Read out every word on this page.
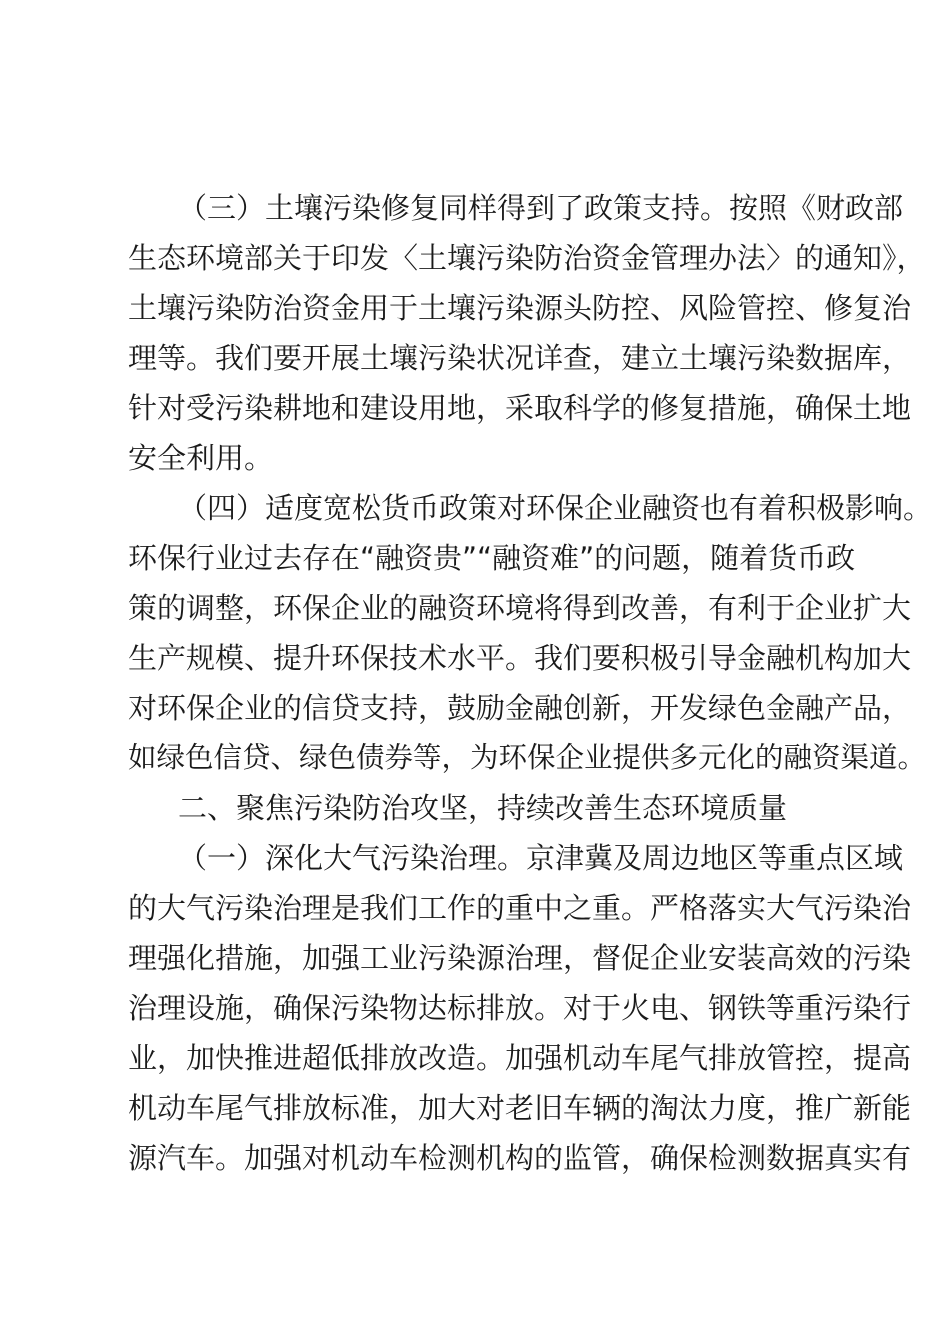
（三）土壤污染修复同样得到了政策支持。按照《财政部
生态环境部关于印发〈土壤污染防治资金管理办法〉的通知》，
土壤污染防治资金用于土壤污染源头防控、风险管控、修复治
理等。我们要开展土壤污染状况详查，建立土壤污染数据库，
针对受污染耕地和建设用地，采取科学的修复措施，确保土地
安全利用。
（四）适度宽松货币政策对环保企业融资也有着积极影响。
环保行业过去存在“融资贵”“融资难”的问题，随着货币政
策的调整，环保企业的融资环境将得到改善，有利于企业扩大
生产规模、提升环保技术水平。我们要积极引导金融机构加大
对环保企业的信贷支持，鼓励金融创新，开发绿色金融产品，
如绿色信贷、绿色债券等，为环保企业提供多元化的融资渠道。
二、聚焦污染防治攻坚，持续改善生态环境质量
（一）深化大气污染治理。京津冀及周边地区等重点区域
的大气污染治理是我们工作的重中之重。严格落实大气污染治
理强化措施，加强工业污染源治理，督促企业安装高效的污染
治理设施，确保污染物达标排放。对于火电、钢铁等重污染行
业，加快推进超低排放改造。加强机动车尾气排放管控，提高
机动车尾气排放标准，加大对老旧车辆的淘汰力度，推广新能
源汽车。加强对机动车检测机构的监管，确保检测数据真实有
